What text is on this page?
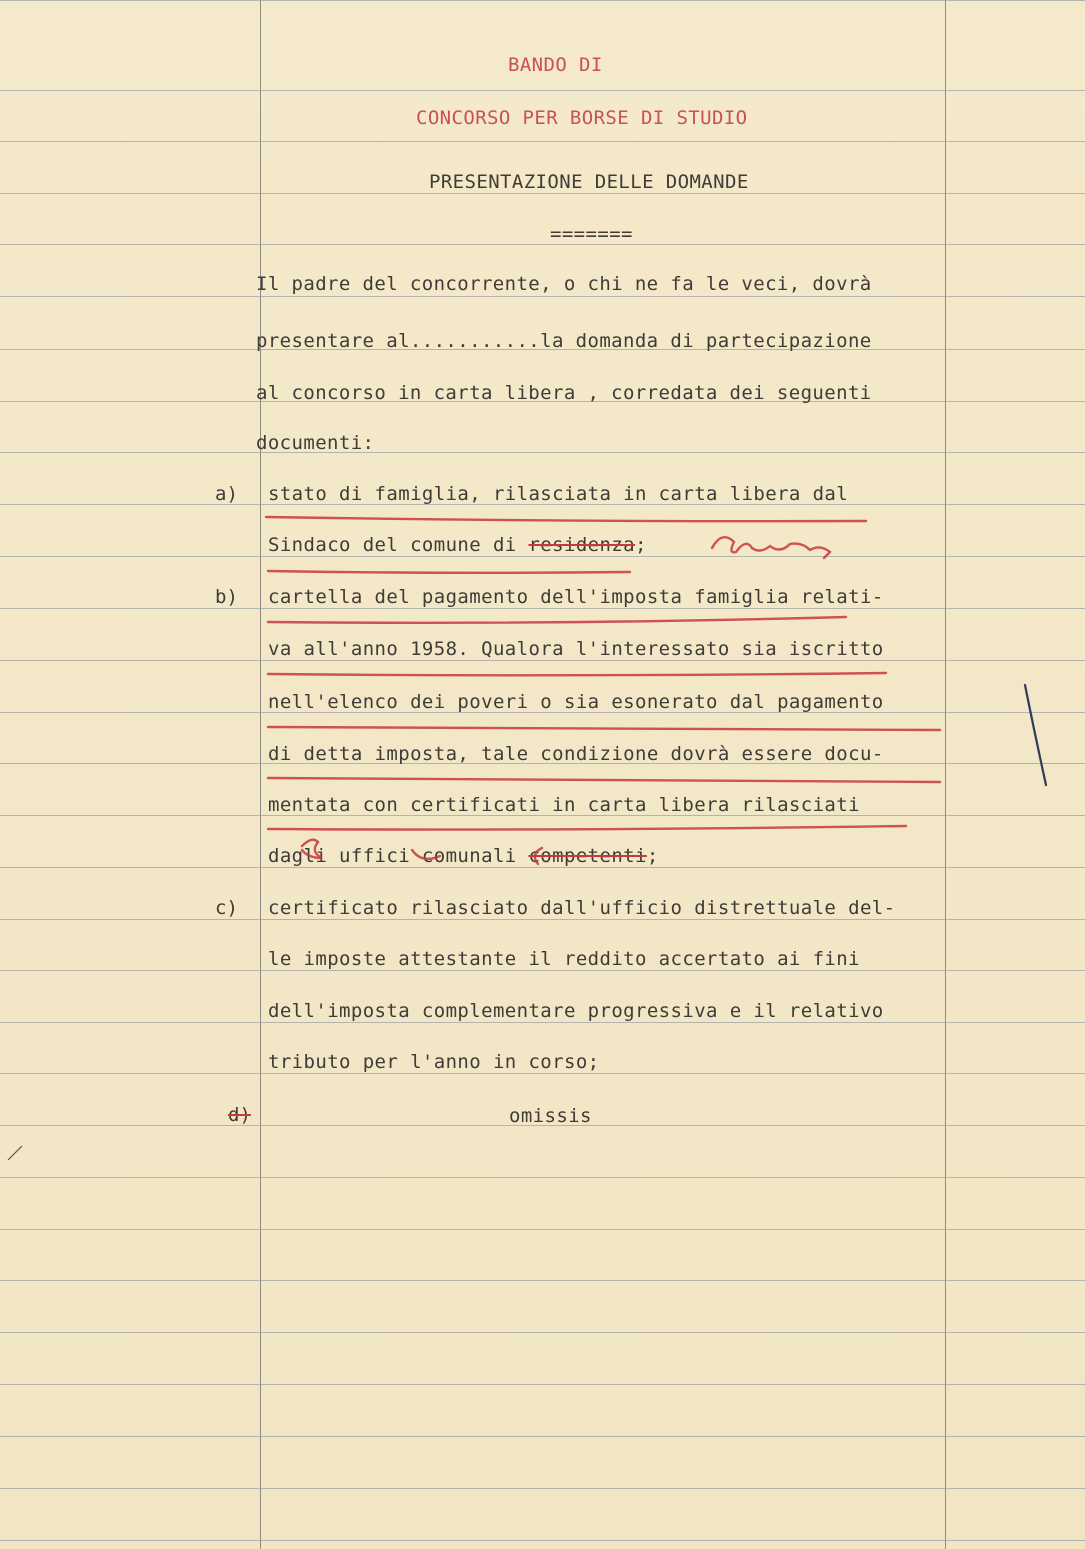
BANDO DI
CONCORSO PER BORSE DI STUDIO
PRESENTAZIONE DELLE DOMANDE
=======
Il padre del concorrente, o chi ne fa le veci, dovrà
presentare al...........la domanda di partecipazione
al concorso in carta libera , corredata dei seguenti
documenti:
a) stato di famiglia, rilasciata in carta libera dal
Sindaco del comune di residenza;
b) cartella del pagamento dell'imposta famiglia relati-
va all'anno 1958. Qualora l'interessato sia iscritto
nell'elenco dei poveri o sia esonerato dal pagamento
di detta imposta, tale condizione dovrà essere docu-
mentata con certificati in carta libera rilasciati
dagli uffici comunali competenti;
c) certificato rilasciato dall'ufficio distrettuale del-
le imposte attestante il reddito accertato ai fini
dell'imposta complementare progressiva e il relativo
tributo per l'anno in corso;
d)	omissis
